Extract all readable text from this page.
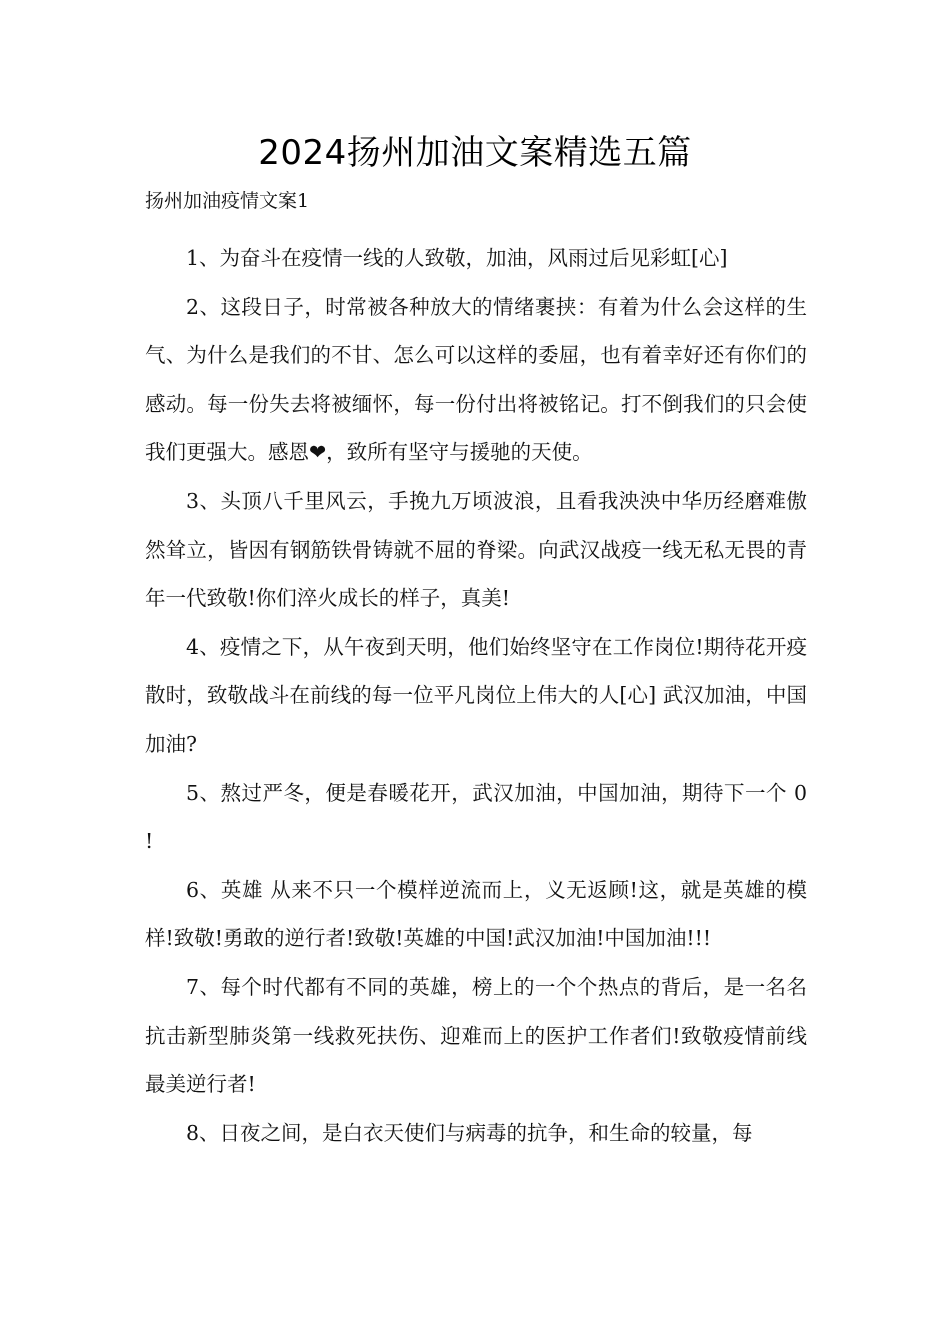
2024扬州加油文案精选五篇
扬州加油疫情文案1

1、为奋斗在疫情一线的人致敬，加油，风雨过后见彩虹[心]

2、这段日子，时常被各种放大的情绪裹挟：有着为什么会这样的生气、为什么是我们的不甘、怎么可以这样的委屈，也有着幸好还有你们的感动。每一份失去将被缅怀，每一份付出将被铭记。打不倒我们的只会使我们更强大。感恩❤，致所有坚守与援驰的天使。

3、头顶八千里风云，手挽九万顷波浪，且看我泱泱中华历经磨难傲然耸立，皆因有钢筋铁骨铸就不屈的脊梁。向武汉战疫一线无私无畏的青年一代致敬!你们淬火成长的样子，真美!

4、疫情之下，从午夜到天明，他们始终坚守在工作岗位!期待花开疫散时，致敬战斗在前线的每一位平凡岗位上伟大的人[心] 武汉加油，中国加油?

5、熬过严冬，便是春暖花开，武汉加油，中国加油，期待下一个 0 !

6、英雄 从来不只一个模样逆流而上，义无返顾!这，就是英雄的模样!致敬!勇敢的逆行者!致敬!英雄的中国!武汉加油!中国加油!!!

7、每个时代都有不同的英雄，榜上的一个个热点的背后，是一名名抗击新型肺炎第一线救死扶伤、迎难而上的医护工作者们!致敬疫情前线最美逆行者!

8、日夜之间，是白衣天使们与病毒的抗争，和生命的较量，每
